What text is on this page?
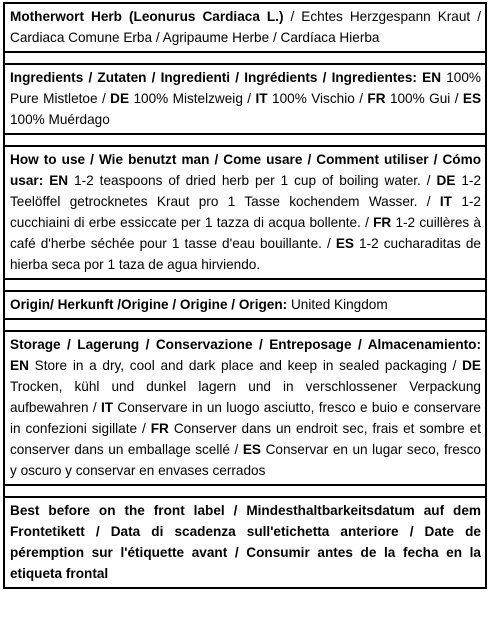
Motherwort Herb (Leonurus Cardiaca L.) / Echtes Herzgespann Kraut / Cardiaca Comune Erba / Agripaume Herbe / Cardíaca Hierba
Ingredients / Zutaten / Ingredienti / Ingrédients / Ingredientes: EN 100% Pure Mistletoe / DE 100% Mistelzweig / IT 100% Vischio / FR 100% Gui / ES 100% Muérdago
How to use / Wie benutzt man / Come usare / Comment utiliser / Cómo usar: EN 1-2 teaspoons of dried herb per 1 cup of boiling water. / DE 1-2 Teelöffel getrocknetes Kraut pro 1 Tasse kochendem Wasser. / IT 1-2 cucchiaini di erbe essiccate per 1 tazza di acqua bollente. / FR 1-2 cuillères à café d'herbe séchée pour 1 tasse d'eau bouillante. / ES 1-2 cucharaditas de hierba seca por 1 taza de agua hirviendo.
Origin/ Herkunft /Origine / Origine / Origen: United Kingdom
Storage / Lagerung / Conservazione / Entreposage / Almacenamiento: EN Store in a dry, cool and dark place and keep in sealed packaging / DE Trocken, kühl und dunkel lagern und in verschlossener Verpackung aufbewahren / IT Conservare in un luogo asciutto, fresco e buio e conservare in confezioni sigillate / FR Conserver dans un endroit sec, frais et sombre et conserver dans un emballage scellé / ES Conservar en un lugar seco, fresco y oscuro y conservar en envases cerrados
Best before on the front label / Mindesthaltbarkeitsdatum auf dem Frontetikett / Data di scadenza sull'etichetta anteriore / Date de péremption sur l'étiquette avant / Consumir antes de la fecha en la etiqueta frontal
